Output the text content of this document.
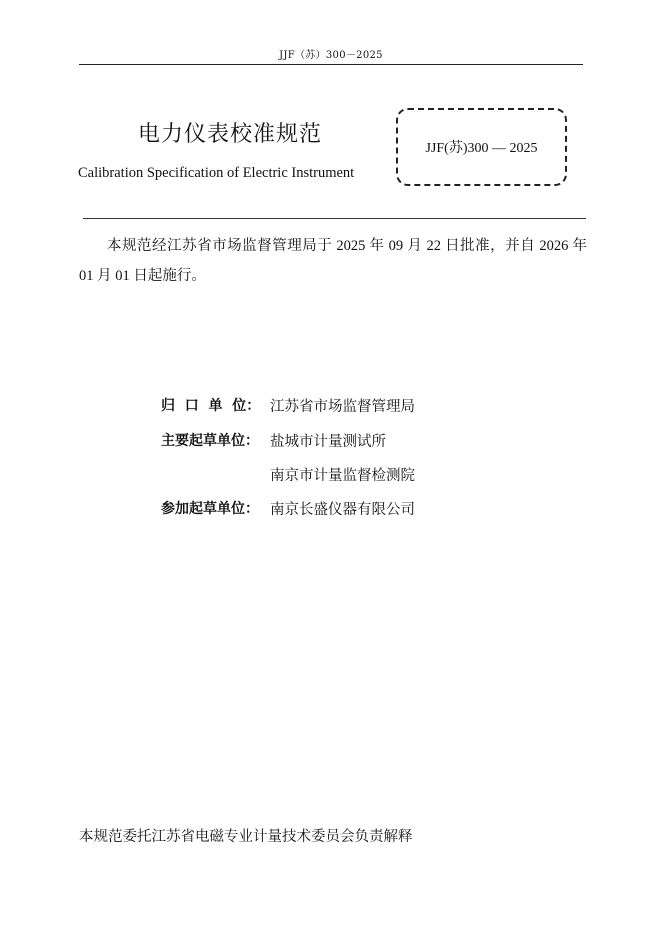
JJF（苏）300－2025
电力仪表校准规范
Calibration Specification of Electric Instrument
JJF(苏)300 — 2025
本规范经江苏省市场监督管理局于 2025 年 09 月 22 日批准，并自 2026 年 01 月 01 日起施行。
归  口  单  位： 江苏省市场监督管理局
主要起草单位： 盐城市计量测试所
南京市计量监督检测院
参加起草单位： 南京长盛仪器有限公司
本规范委托江苏省电磁专业计量技术委员会负责解释
